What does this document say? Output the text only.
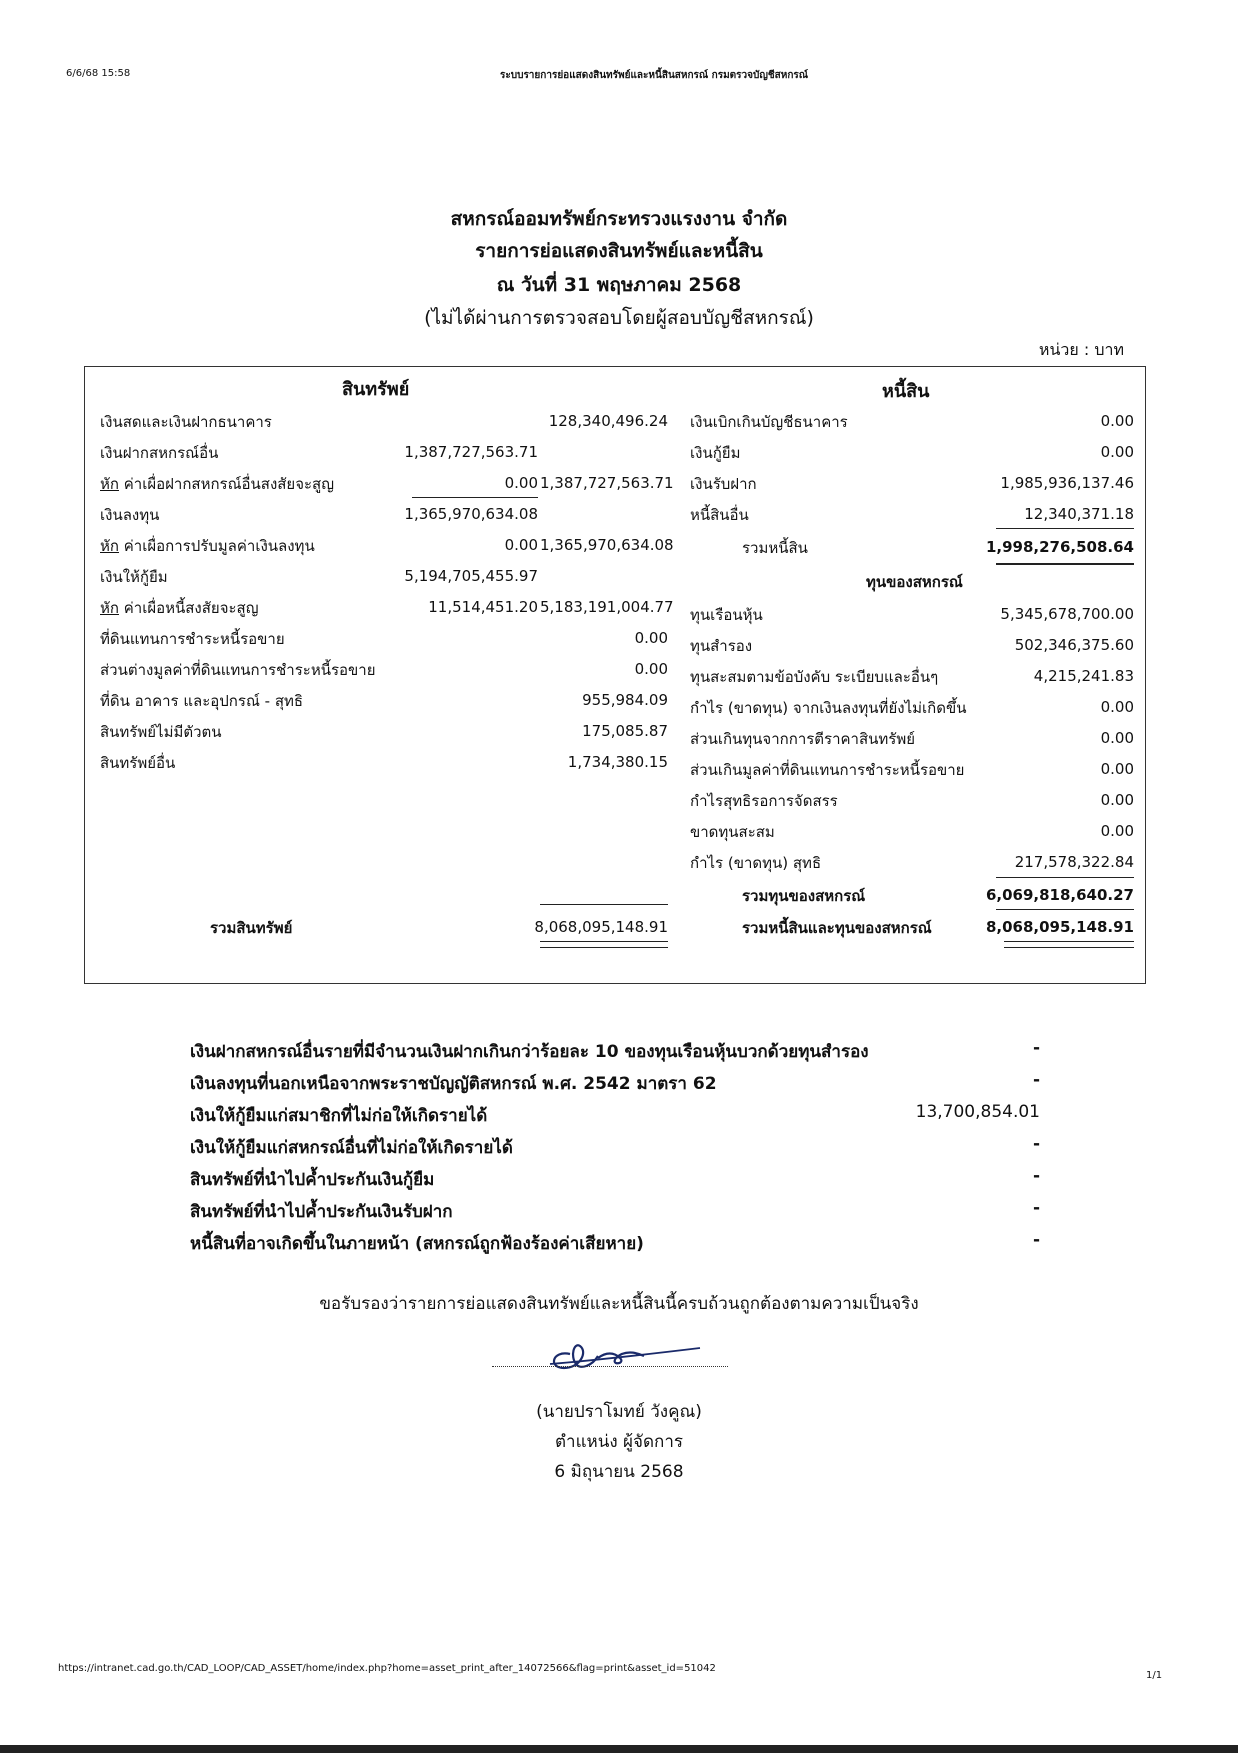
6/6/68 15:58	ระบบรายการย่อแสดงสินทรัพย์และหนี้สินสหกรณ์ กรมตรวจบัญชีสหกรณ์
สหกรณ์ออมทรัพย์กระทรวงแรงงาน จำกัด
รายการย่อแสดงสินทรัพย์และหนี้สิน
ณ วันที่ 31 พฤษภาคม 2568
(ไม่ได้ผ่านการตรวจสอบโดยผู้สอบบัญชีสหกรณ์)
หน่วย : บาท
สินทรัพย์	หนี้สิน
เงินสดและเงินฝากธนาคาร	128,340,496.24
เงินฝากสหกรณ์อื่น	1,387,727,563.71
หัก ค่าเผื่อฝากสหกรณ์อื่นสงสัยจะสูญ	0.00 1,387,727,563.71
เงินลงทุน	1,365,970,634.08
หัก ค่าเผื่อการปรับมูลค่าเงินลงทุน	0.00 1,365,970,634.08
เงินให้กู้ยืม	5,194,705,455.97
หัก ค่าเผื่อหนี้สงสัยจะสูญ	11,514,451.20 5,183,191,004.77
ที่ดินแทนการชำระหนี้รอขาย	0.00
ส่วนต่างมูลค่าที่ดินแทนการชำระหนี้รอขาย	0.00
ที่ดิน อาคาร และอุปกรณ์ - สุทธิ	955,984.09
สินทรัพย์ไม่มีตัวตน	175,085.87
สินทรัพย์อื่น	1,734,380.15
รวมสินทรัพย์	8,068,095,148.91
เงินเบิกเกินบัญชีธนาคาร	0.00
เงินกู้ยืม	0.00
เงินรับฝาก	1,985,936,137.46
หนี้สินอื่น	12,340,371.18
รวมหนี้สิน	1,998,276,508.64
ทุนของสหกรณ์
ทุนเรือนหุ้น	5,345,678,700.00
ทุนสำรอง	502,346,375.60
ทุนสะสมตามข้อบังคับ ระเบียบและอื่นๆ	4,215,241.83
กำไร (ขาดทุน) จากเงินลงทุนที่ยังไม่เกิดขึ้น	0.00
ส่วนเกินทุนจากการตีราคาสินทรัพย์	0.00
ส่วนเกินมูลค่าที่ดินแทนการชำระหนี้รอขาย	0.00
กำไรสุทธิรอการจัดสรร	0.00
ขาดทุนสะสม	0.00
กำไร (ขาดทุน) สุทธิ	217,578,322.84
รวมทุนของสหกรณ์	6,069,818,640.27
รวมหนี้สินและทุนของสหกรณ์	8,068,095,148.91
เงินฝากสหกรณ์อื่นรายที่มีจำนวนเงินฝากเกินกว่าร้อยละ 10 ของทุนเรือนหุ้นบวกด้วยทุนสำรอง	-
เงินลงทุนที่นอกเหนือจากพระราชบัญญัติสหกรณ์ พ.ศ. 2542 มาตรา 62	-
เงินให้กู้ยืมแก่สมาชิกที่ไม่ก่อให้เกิดรายได้	13,700,854.01
เงินให้กู้ยืมแก่สหกรณ์อื่นที่ไม่ก่อให้เกิดรายได้	-
สินทรัพย์ที่นำไปค้ำประกันเงินกู้ยืม	-
สินทรัพย์ที่นำไปค้ำประกันเงินรับฝาก	-
หนี้สินที่อาจเกิดขึ้นในภายหน้า (สหกรณ์ถูกฟ้องร้องค่าเสียหาย)	-
ขอรับรองว่ารายการย่อแสดงสินทรัพย์และหนี้สินนี้ครบถ้วนถูกต้องตามความเป็นจริง
(นายปราโมทย์ วังคูณ)
ตำแหน่ง ผู้จัดการ
6 มิถุนายน 2568
https://intranet.cad.go.th/CAD_LOOP/CAD_ASSET/home/index.php?home=asset_print_after_14072566&flag=print&asset_id=51042
1/1
